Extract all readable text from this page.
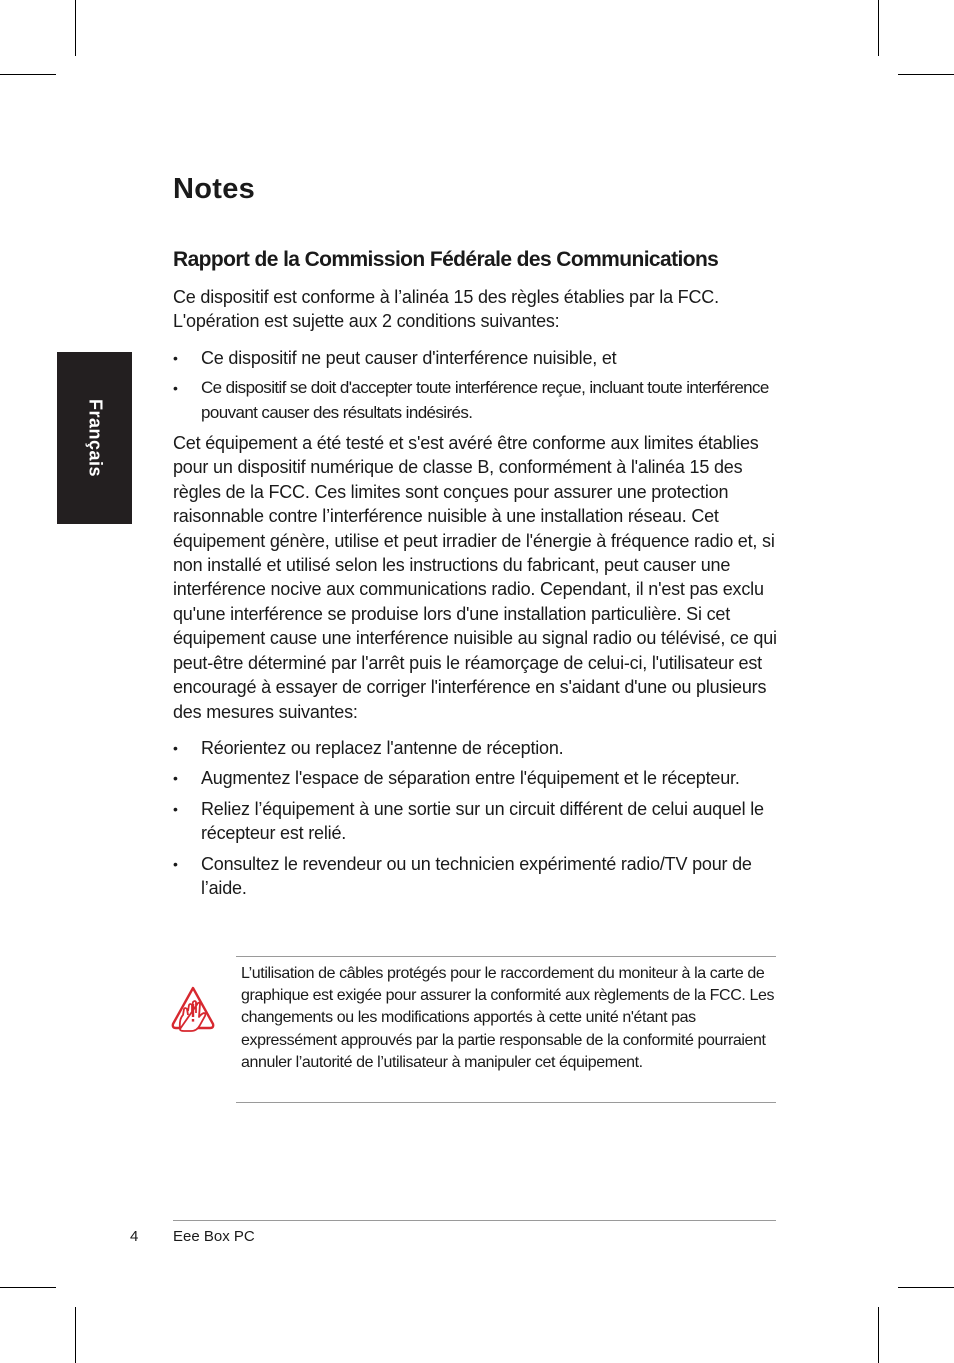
Français
Notes
Rapport de la Commission Fédérale des Communications

Ce dispositif est conforme à l’alinéa 15 des règles établies par la FCC. L'opération est sujette aux 2 conditions suivantes:

• Ce dispositif ne peut causer d'interférence nuisible, et
• Ce dispositif se doit d'accepter toute interférence reçue, incluant toute interférence pouvant causer des résultats indésirés.

Cet équipement a été testé et s'est avéré être conforme aux limites établies pour un dispositif numérique de classe B, conformément à l'alinéa 15 des règles de la FCC. Ces limites sont conçues pour assurer une protection raisonnable contre l’interférence nuisible à une installation réseau. Cet équipement génère, utilise et peut irradier de l'énergie à fréquence radio et, si non installé et utilisé selon les instructions du fabricant, peut causer une interférence nocive aux communications radio. Cependant, il n'est pas exclu qu'une interférence se produise lors d'une installation particulière. Si cet équipement cause une interférence nuisible au signal radio ou télévisé, ce qui peut-être déterminé par l'arrêt puis le réamorçage de celui-ci, l'utilisateur est encouragé à essayer de corriger l'interférence en s'aidant d'une ou plusieurs des mesures suivantes:

• Réorientez ou replacez l'antenne de réception.
• Augmentez l'espace de séparation entre l'équipement et le récepteur.
• Reliez l’équipement à une sortie sur un circuit différent de celui auquel le récepteur est relié.
• Consultez le revendeur ou un technicien expérimenté radio/TV pour de l’aide.

L’utilisation de câbles protégés pour le raccordement du moniteur à la carte de graphique est exigée pour assurer la conformité aux règlements de la FCC. Les changements ou les modifications apportés à cette unité n'étant pas expressément approuvés par la partie responsable de la conformité pourraient annuler l’autorité de l’utilisateur à manipuler cet équipement.

4 Eee Box PC
